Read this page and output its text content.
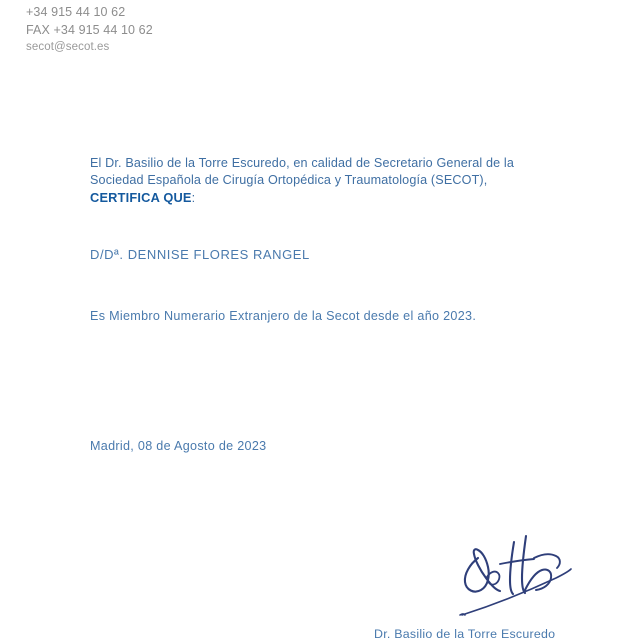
+34 915 44 10 62
FAX +34 915 44 10 62
secot@secot.es
El Dr. Basilio de la Torre Escuredo, en calidad de Secretario General de la
Sociedad Española de Cirugía Ortopédica y Traumatología (SECOT),
CERTIFICA QUE:
D/Dª. DENNISE FLORES RANGEL
Es Miembro Numerario Extranjero de la Secot desde el año 2023.
Madrid, 08 de Agosto de 2023
Dr. Basilio de la Torre Escuredo
